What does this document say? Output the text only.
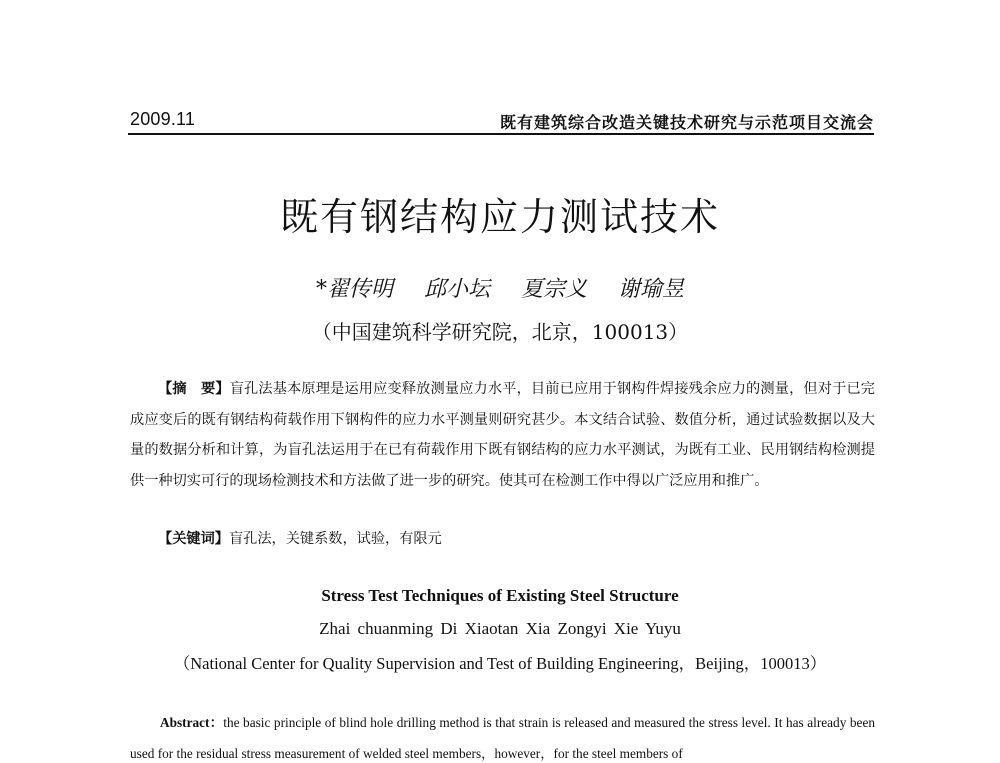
2009.11	既有建筑综合改造关键技术研究与示范项目交流会
既有钢结构应力测试技术
*翟传明 邱小坛 夏宗义 谢瑜昱
（中国建筑科学研究院，北京，100013）
【摘　要】盲孔法基本原理是运用应变释放测量应力水平，目前已应用于钢构件焊接残余应力的测量，但对于已完成应变后的既有钢结构荷载作用下钢构件的应力水平测量则研究甚少。本文结合试验、数值分析，通过试验数据以及大量的数据分析和计算，为盲孔法运用于在已有荷载作用下既有钢结构的应力水平测试，为既有工业、民用钢结构检测提供一种切实可行的现场检测技术和方法做了进一步的研究。使其可在检测工作中得以广泛应用和推广。
【关键词】盲孔法，关键系数，试验，有限元
Stress Test Techniques of Existing Steel Structure
Zhai chuanming Di Xiaotan Xia Zongyi Xie Yuyu
（National Center for Quality Supervision and Test of Building Engineering，Beijing，100013）
Abstract：the basic principle of blind hole drilling method is that strain is released and measured the stress level. It has already been used for the residual stress measurement of welded steel members，however，for the steel members of
